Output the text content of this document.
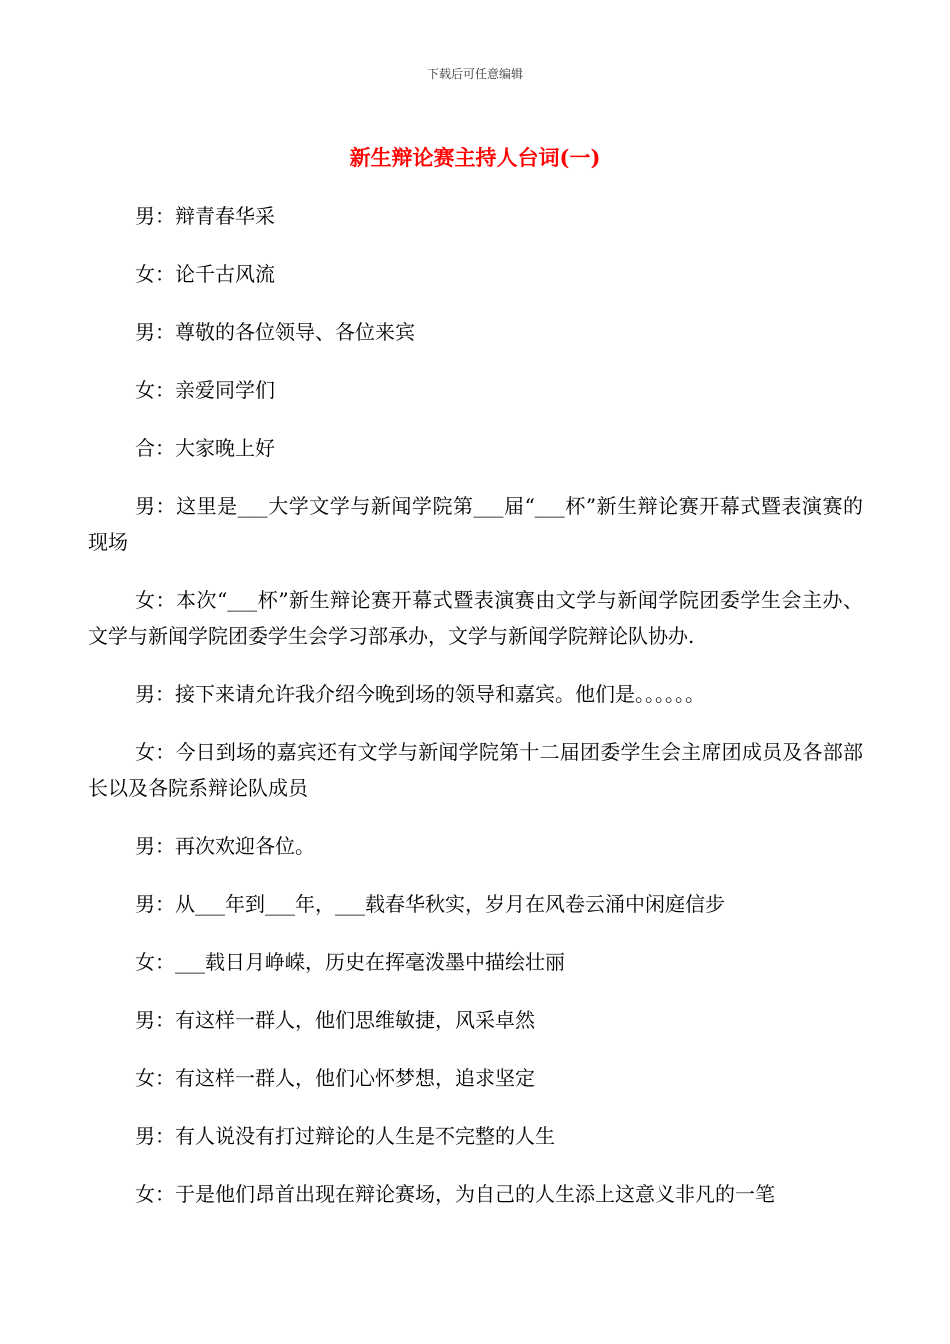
下载后可任意编辑
新生辩论赛主持人台词(一)

男：辩青春华采

女：论千古风流

男：尊敬的各位领导、各位来宾

女：亲爱同学们

合：大家晚上好

男：这里是___大学文学与新闻学院第___届“___杯”新生辩论赛开幕式暨表演赛的现场

女：本次“___杯”新生辩论赛开幕式暨表演赛由文学与新闻学院团委学生会主办、文学与新闻学院团委学生会学习部承办，文学与新闻学院辩论队协办.

男：接下来请允许我介绍今晚到场的领导和嘉宾。他们是。。。。。。

女：今日到场的嘉宾还有文学与新闻学院第十二届团委学生会主席团成员及各部部长以及各院系辩论队成员

男：再次欢迎各位。

男：从___年到___年，___载春华秋实，岁月在风卷云涌中闲庭信步

女：___载日月峥嵘，历史在挥毫泼墨中描绘壮丽

男：有这样一群人，他们思维敏捷，风采卓然

女：有这样一群人，他们心怀梦想，追求坚定

男：有人说没有打过辩论的人生是不完整的人生

女：于是他们昂首出现在辩论赛场，为自己的人生添上这意义非凡的一笔
